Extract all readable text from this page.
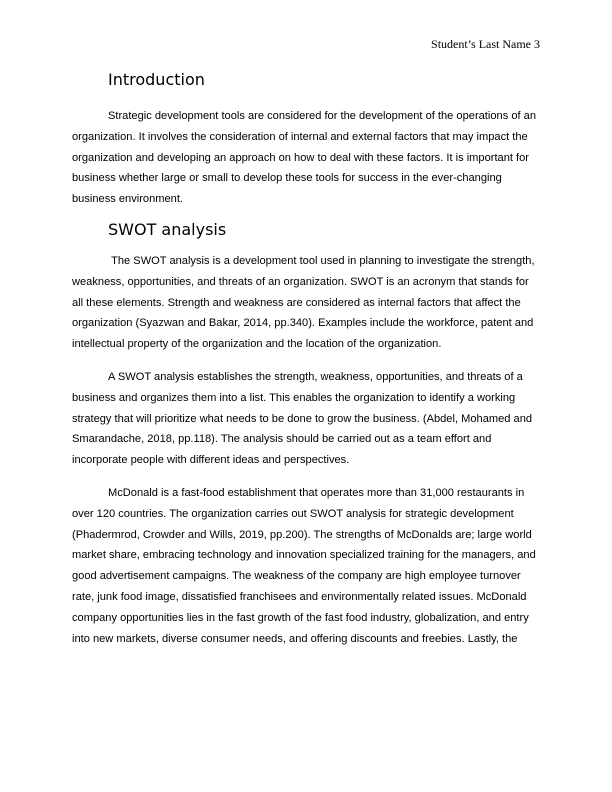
Student’s Last Name 3
Introduction

Strategic development tools are considered for the development of the operations of an organization. It involves the consideration of internal and external factors that may impact the organization and developing an approach on how to deal with these factors. It is important for business whether large or small to develop these tools for success in the ever-changing business environment.

SWOT analysis

The SWOT analysis is a development tool used in planning to investigate the strength, weakness, opportunities, and threats of an organization. SWOT is an acronym that stands for all these elements. Strength and weakness are considered as internal factors that affect the organization (Syazwan and Bakar, 2014, pp.340). Examples include the workforce, patent and intellectual property of the organization and the location of the organization.

A SWOT analysis establishes the strength, weakness, opportunities, and threats of a business and organizes them into a list. This enables the organization to identify a working strategy that will prioritize what needs to be done to grow the business. (Abdel, Mohamed and Smarandache, 2018, pp.118). The analysis should be carried out as a team effort and incorporate people with different ideas and perspectives.

McDonald is a fast-food establishment that operates more than 31,000 restaurants in over 120 countries. The organization carries out SWOT analysis for strategic development (Phadermrod, Crowder and Wills, 2019, pp.200). The strengths of McDonalds are; large world market share, embracing technology and innovation specialized training for the managers, and good advertisement campaigns. The weakness of the company are high employee turnover rate, junk food image, dissatisfied franchisees and environmentally related issues. McDonald company opportunities lies in the fast growth of the fast food industry, globalization, and entry into new markets, diverse consumer needs, and offering discounts and freebies. Lastly, the
